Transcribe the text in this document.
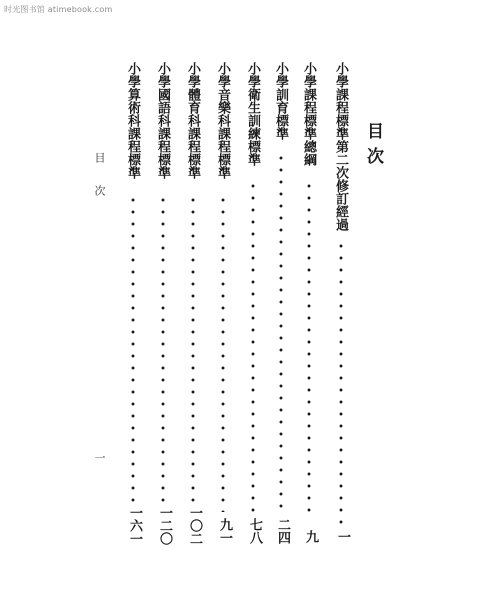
时光图书馆 atimebook.com
目次
小學課程標準第二次修訂經過
一
小學課程標準總綱
九
小學訓育標準
二四
小學衛生訓練標準
七八
小學音樂科課程標準
九一
小學體育科課程標準
一〇二
小學國語科課程標準
一二〇
小學算術科課程標準
一六一
目　　次
一
